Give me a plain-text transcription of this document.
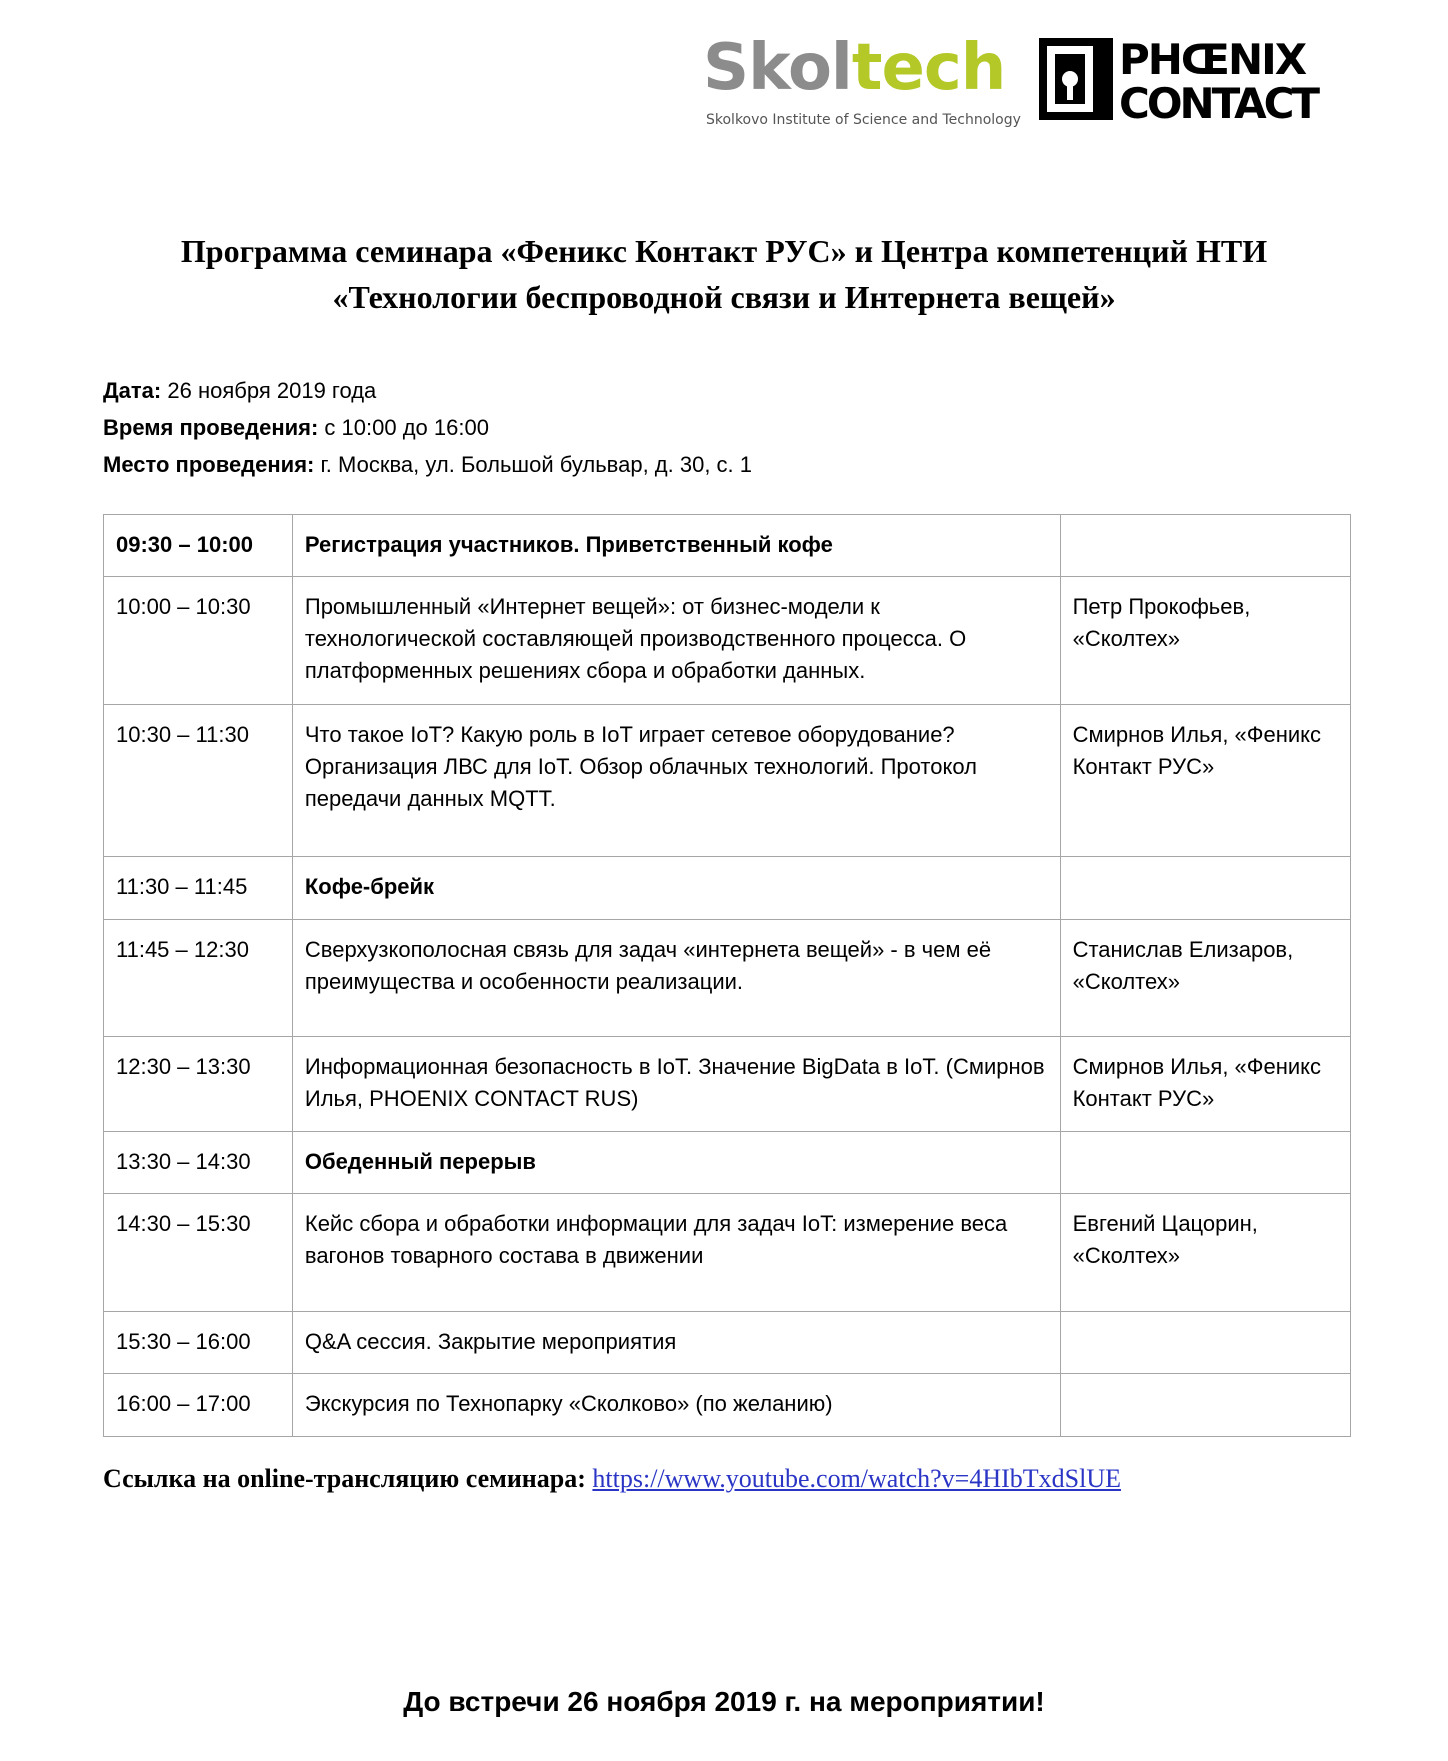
Skoltech
Skolkovo Institute of Science and Technology
PHŒNIX
CONTACT
Программа семинара «Феникс Контакт РУС» и Центра компетенций НТИ
«Технологии беспроводной связи и Интернета вещей»
Дата: 26 ноября 2019 года
Время проведения: с 10:00 до 16:00
Место проведения: г. Москва, ул. Большой бульвар, д. 30, с. 1
09:30 – 10:00	Регистрация участников. Приветственный кофе	
10:00 – 10:30	Промышленный «Интернет вещей»: от бизнес-модели к технологической составляющей производственного процесса. О платформенных решениях сбора и обработки данных.	Петр Прокофьев, «Сколтех»
10:30 – 11:30	Что такое IoT? Какую роль в IoT играет сетевое оборудование? Организация ЛВС для IoT. Обзор облачных технологий. Протокол передачи данных MQTT.	Смирнов Илья, «Феникс Контакт РУС»
11:30 – 11:45	Кофе-брейк	
11:45 – 12:30	Сверхузкополосная связь для задач «интернета вещей» - в чем её преимущества и особенности реализации.	Станислав Елизаров, «Сколтех»
12:30 – 13:30	Информационная безопасность в IoT. Значение BigData в IoT. (Смирнов Илья, PHOENIX CONTACT RUS)	Смирнов Илья, «Феникс Контакт РУС»
13:30 – 14:30	Обеденный перерыв	
14:30 – 15:30	Кейс сбора и обработки информации для задач IoT: измерение веса вагонов товарного состава в движении	Евгений Цацорин, «Сколтех»
15:30 – 16:00	Q&A сессия. Закрытие мероприятия	
16:00 – 17:00	Экскурсия по Технопарку «Сколково» (по желанию)	
Ссылка на online-трансляцию семинара: https://www.youtube.com/watch?v=4HIbTxdSlUE
До встречи 26 ноября 2019 г. на мероприятии!
